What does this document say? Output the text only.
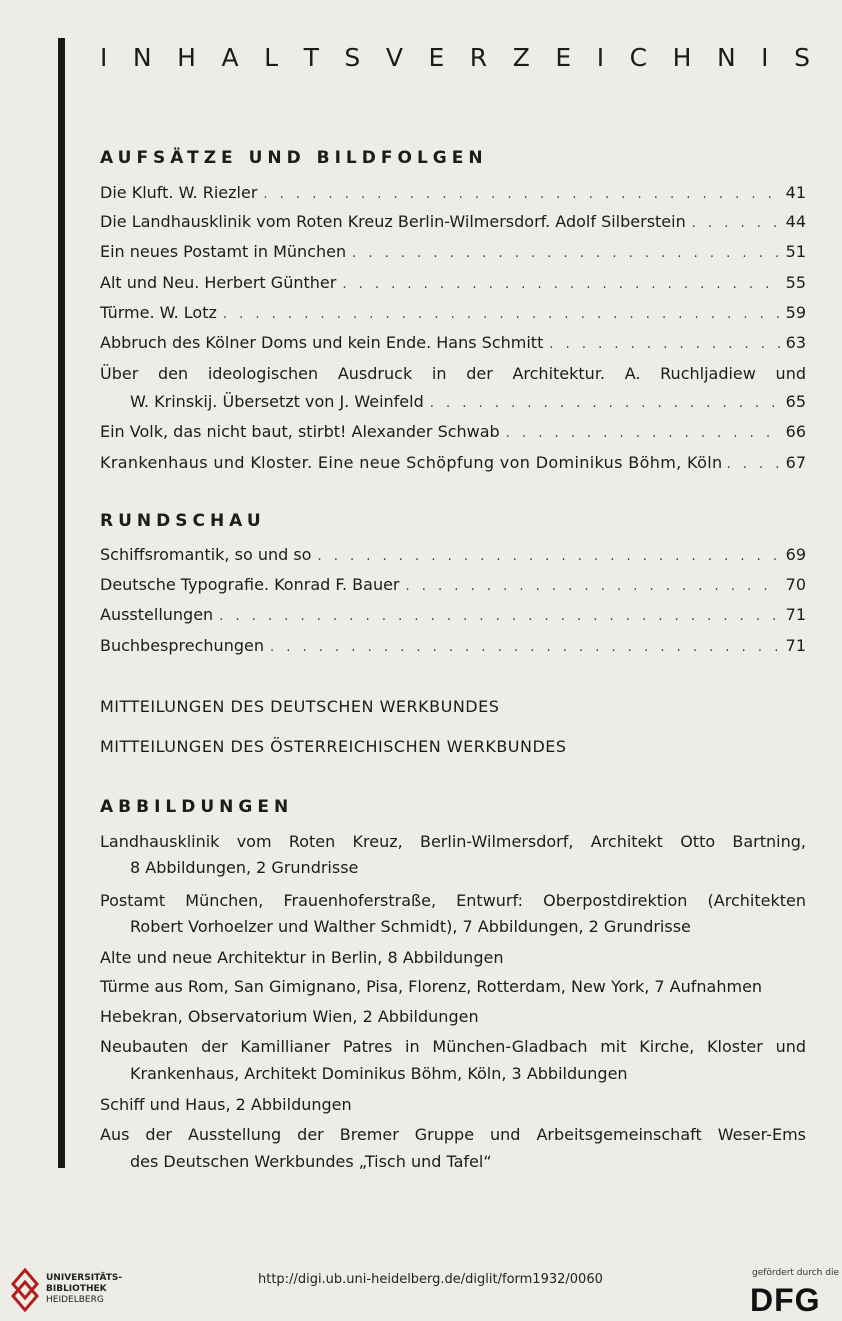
I N H A L T S V E R Z E I C H N I S
AUFSÄTZE UND BILDFOLGEN
Die Kluft. W. Riezler . . .	41
Die Landhausklinik vom Roten Kreuz Berlin-Wilmersdorf. Adolf Silberstein . . .	44
Ein neues Postamt in München . . .	51
Alt und Neu. Herbert Günther . . .	55
Türme. W. Lotz . . .	59
Abbruch des Kölner Doms und kein Ende. Hans Schmitt . . .	63
Über den ideologischen Ausdruck in der Architektur. A. Ruchljadiew und
W. Krinskij. Übersetzt von J. Weinfeld . . .	65
Ein Volk, das nicht baut, stirbt! Alexander Schwab . . .	66
Krankenhaus und Kloster. Eine neue Schöpfung von Dominikus Böhm, Köln . . .	67
RUNDSCHAU
Schiffsromantik, so und so . . .	69
Deutsche Typografie. Konrad F. Bauer . . .	70
Ausstellungen . . .	71
Buchbesprechungen . . .	71
MITTEILUNGEN DES DEUTSCHEN WERKBUNDES
MITTEILUNGEN DES ÖSTERREICHISCHEN WERKBUNDES
ABBILDUNGEN
Landhausklinik vom Roten Kreuz, Berlin-Wilmersdorf, Architekt Otto Bartning,
8 Abbildungen, 2 Grundrisse
Postamt München, Frauenhoferstraße, Entwurf: Oberpostdirektion (Architekten
Robert Vorhoelzer und Walther Schmidt), 7 Abbildungen, 2 Grundrisse
Alte und neue Architektur in Berlin, 8 Abbildungen
Türme aus Rom, San Gimignano, Pisa, Florenz, Rotterdam, New York, 7 Aufnahmen
Hebekran, Observatorium Wien, 2 Abbildungen
Neubauten der Kamillianer Patres in München-Gladbach mit Kirche, Kloster und
Krankenhaus, Architekt Dominikus Böhm, Köln, 3 Abbildungen
Schiff und Haus, 2 Abbildungen
Aus der Ausstellung der Bremer Gruppe und Arbeitsgemeinschaft Weser-Ems
des Deutschen Werkbundes „Tisch und Tafel“
UNIVERSITÄTS-
BIBLIOTHEK
HEIDELBERG
http://digi.ub.uni-heidelberg.de/diglit/form1932/0060	gefördert durch die
DFG
